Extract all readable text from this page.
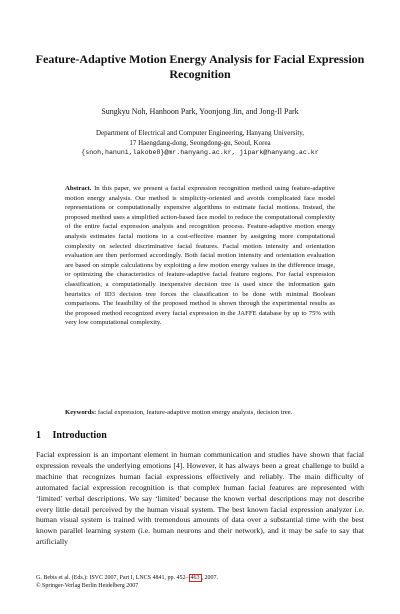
Feature-Adaptive Motion Energy Analysis for Facial Expression Recognition
Sungkyu Noh, Hanhoon Park, Yoonjong Jin, and Jong-Il Park
Department of Electrical and Computer Engineering, Hanyang University,
17 Haengdang-dong, Seongdong-gu, Seoul, Korea
{snoh,hanuni,lakobe8}@mr.hanyang.ac.kr, jipark@hanyang.ac.kr
Abstract. In this paper, we present a facial expression recognition method using feature-adaptive motion energy analysis. Our method is simplicity-oriented and avoids complicated face model representations or computationally expensive algorithms to estimate facial motions. Instead, the proposed method uses a simplified action-based face model to reduce the computational complexity of the entire facial expression analysis and recognition process. Feature-adaptive motion energy analysis estimates facial motions in a cost-effective manner by assigning more computational complexity on selected discriminative facial features. Facial motion intensity and orientation evaluation are then performed accordingly. Both facial motion intensity and orientation evaluation are based on simple calculations by exploiting a few motion energy values in the difference image, or optimizing the characteristics of feature-adaptive facial feature regions. For facial expression classification, a computationally inexpensive decision tree is used since the information gain heuristics of ID3 decision tree forces the classification to be done with minimal Boolean comparisons. The feasibility of the proposed method is shown through the experimental results as the proposed method recognized every facial expression in the JAFFE database by up to 75% with very low computational complexity.
Keywords: facial expression, feature-adaptive motion energy analysis, decision tree.
1 Introduction
Facial expression is an important element in human communication and studies have shown that facial expression reveals the underlying emotions [4]. However, it has always been a great challenge to build a machine that recognizes human facial expressions effectively and reliably. The main difficulty of automated facial expression recognition is that complex human facial features are represented with ‘limited’ verbal descriptions. We say ‘limited’ because the known verbal descriptions may not describe every little detail perceived by the human visual system. The best known facial expression analyzer i.e. human visual system is trained with tremendous amounts of data over a substantial time with the best known parallel learning system (i.e. human neurons and their network), and it may be safe to say that artificially
G. Bebis et al. (Eds.): ISVC 2007, Part I, LNCS 4841, pp. 452– 463 , 2007.
© Springer-Verlag Berlin Heidelberg 2007
